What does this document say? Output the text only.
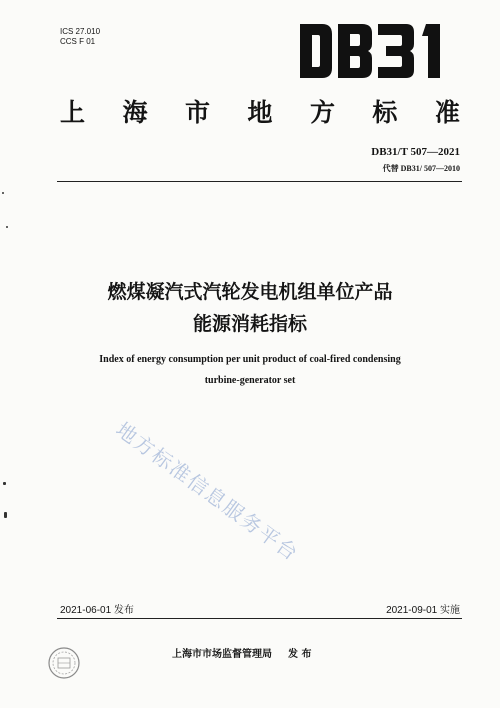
ICS 27.010
CCS F 01
上 海 市 地 方 标 准
DB31/T 507—2021
代替 DB31/ 507—2010
燃煤凝汽式汽轮发电机组单位产品
能源消耗指标
Index of energy consumption per unit product of coal-fired condensing
turbine-generator set
地方标准信息服务平台
2021-06-01 发布	2021-09-01 实施
上海市市场监督管理局 发 布
